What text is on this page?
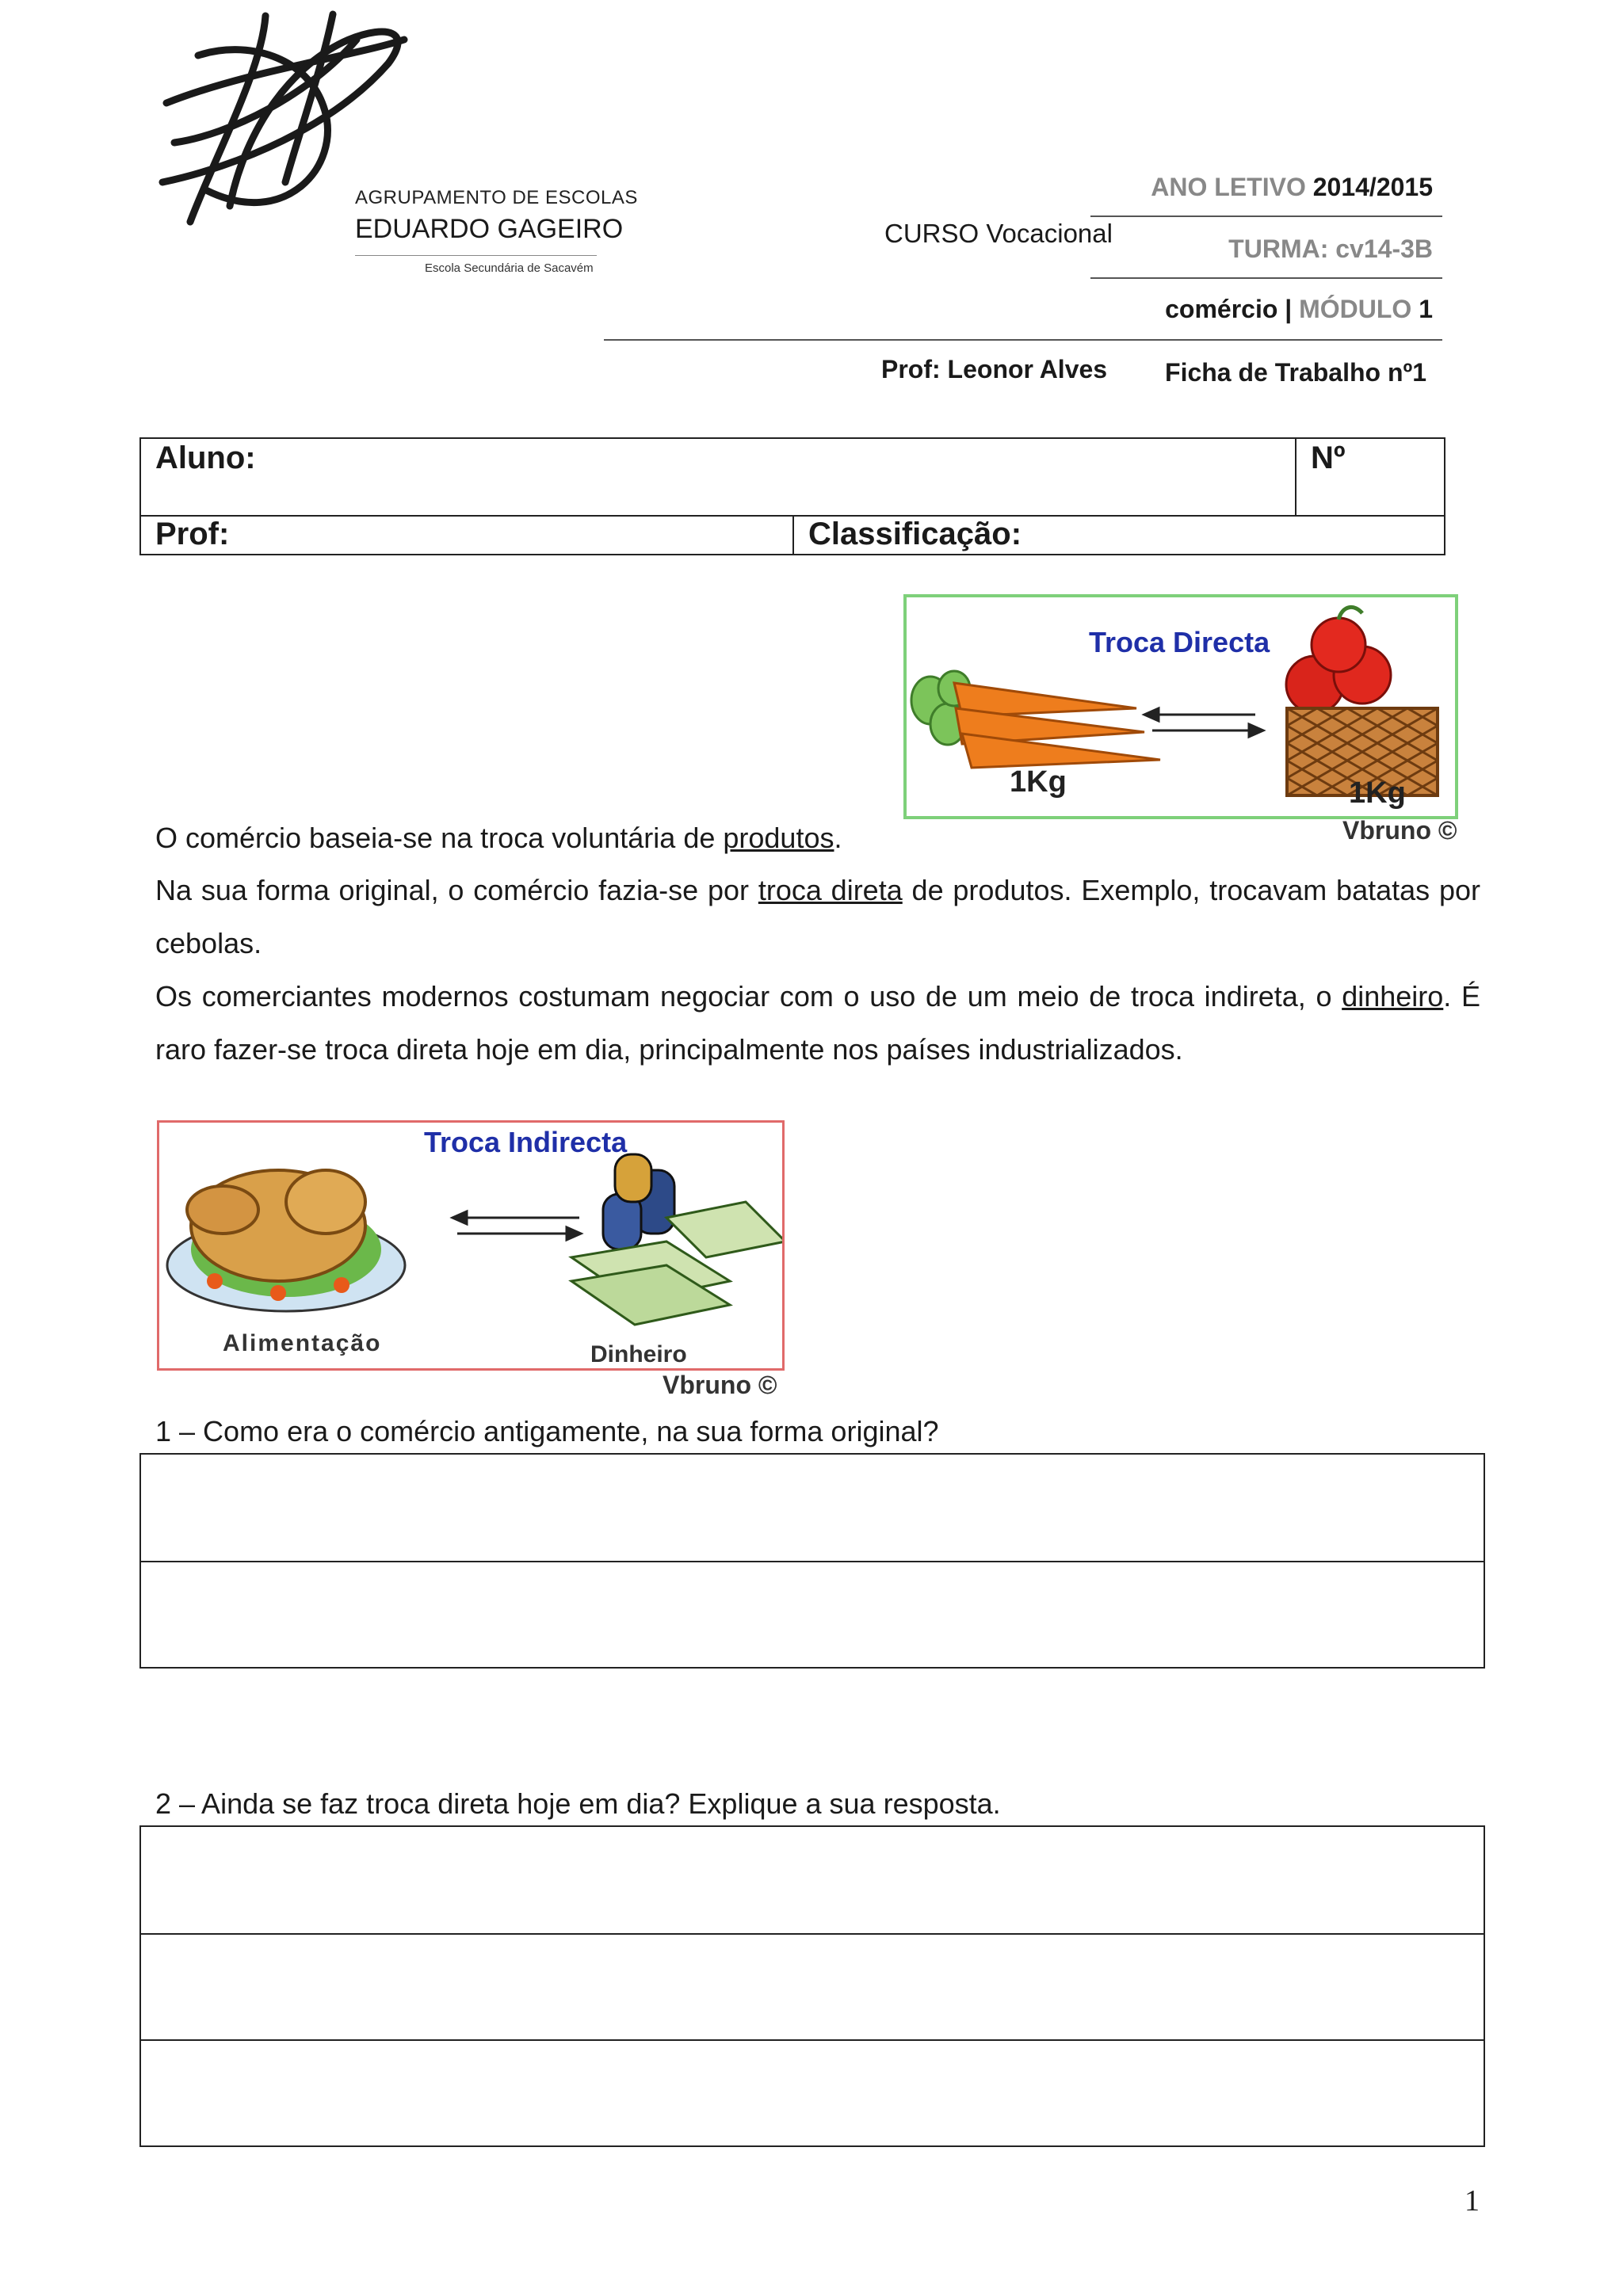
AGRUPAMENTO DE ESCOLAS
EDUARDO GAGEIRO
Escola Secundária de Sacavém
CURSO Vocacional
ANO LETIVO 2014/2015
TURMA: cv14-3B
comércio | MÓDULO 1
Prof: Leonor Alves Ficha de Trabalho nº1
Aluno:		Nº
Prof:	Classificação:	
Troca Directa
1Kg	1Kg
Vbruno ©
O comércio baseia-se na troca voluntária de produtos.
Na sua forma original, o comércio fazia-se por troca direta de produtos. Exemplo, trocavam batatas por cebolas.
Os comerciantes modernos costumam negociar com o uso de um meio de troca indireta, o dinheiro. É raro fazer-se troca direta hoje em dia, principalmente nos países industrializados.
Troca Indirecta
Alimentação	Dinheiro
Vbruno ©
1 – Como era o comércio antigamente, na sua forma original?
2 – Ainda se faz troca direta hoje em dia? Explique a sua resposta.
1
